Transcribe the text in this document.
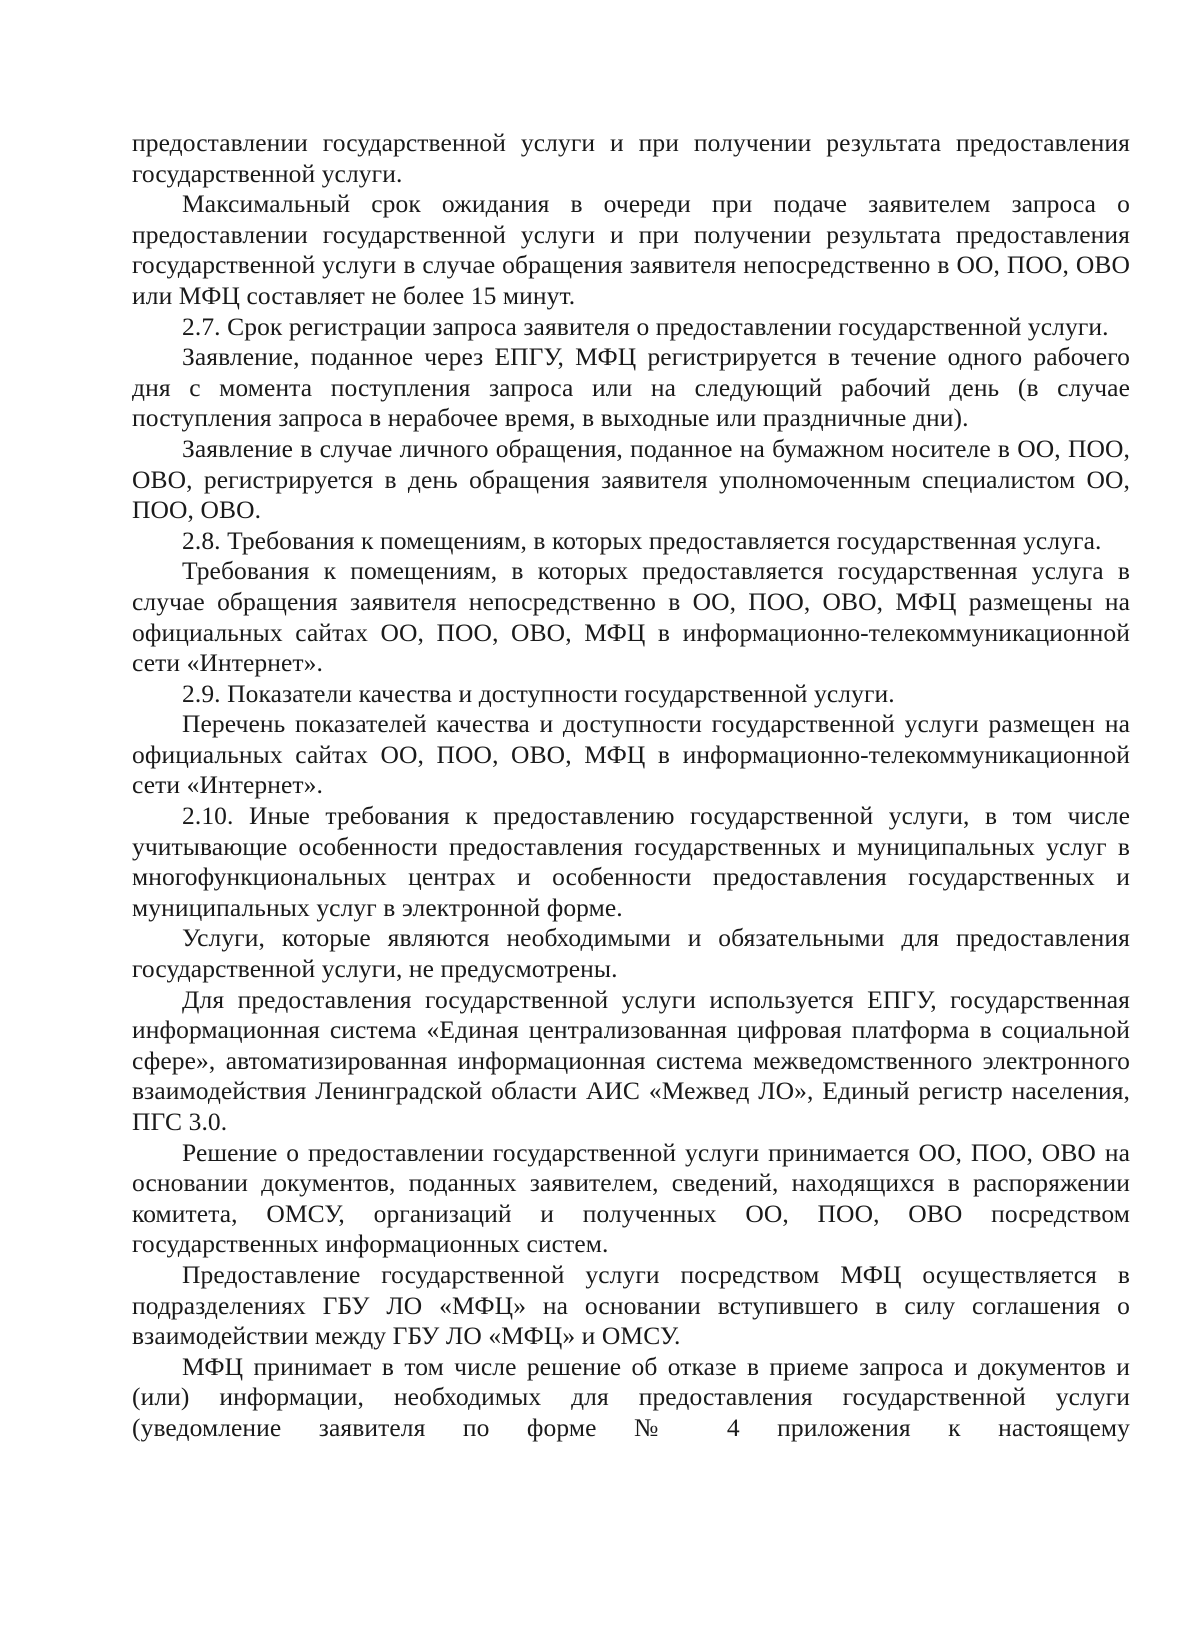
предоставлении государственной услуги и при получении результата предоставления государственной услуги.

Максимальный срок ожидания в очереди при подаче заявителем запроса о предоставлении государственной услуги и при получении результата предоставления государственной услуги в случае обращения заявителя непосредственно в ОО, ПОО, ОВО или МФЦ составляет не более 15 минут.

2.7. Срок регистрации запроса заявителя о предоставлении государственной услуги.

Заявление, поданное через ЕПГУ, МФЦ регистрируется в течение одного рабочего дня с момента поступления запроса или на следующий рабочий день (в случае поступления запроса в нерабочее время, в выходные или праздничные дни).

Заявление в случае личного обращения, поданное на бумажном носителе в ОО, ПОО, ОВО, регистрируется в день обращения заявителя уполномоченным специалистом ОО, ПОО, ОВО.

2.8. Требования к помещениям, в которых предоставляется государственная услуга.

Требования к помещениям, в которых предоставляется государственная услуга в случае обращения заявителя непосредственно в ОО, ПОО, ОВО, МФЦ размещены на официальных сайтах ОО, ПОО, ОВО, МФЦ в информационно-телекоммуникационной сети «Интернет».

2.9. Показатели качества и доступности государственной услуги.

Перечень показателей качества и доступности государственной услуги размещен на официальных сайтах ОО, ПОО, ОВО, МФЦ в информационно-телекоммуникационной сети «Интернет».

2.10. Иные требования к предоставлению государственной услуги, в том числе учитывающие особенности предоставления государственных и муниципальных услуг в многофункциональных центрах и особенности предоставления государственных и муниципальных услуг в электронной форме.

Услуги, которые являются необходимыми и обязательными для предоставления государственной услуги, не предусмотрены.

Для предоставления государственной услуги используется ЕПГУ, государственная информационная система «Единая централизованная цифровая платформа в социальной сфере», автоматизированная информационная система межведомственного электронного взаимодействия Ленинградской области АИС «Межвед ЛО», Единый регистр населения, ПГС 3.0.

Решение о предоставлении государственной услуги принимается ОО, ПОО, ОВО на основании документов, поданных заявителем, сведений, находящихся в распоряжении комитета, ОМСУ, организаций и полученных ОО, ПОО, ОВО посредством государственных информационных систем.

Предоставление государственной услуги посредством МФЦ осуществляется в подразделениях ГБУ ЛО «МФЦ» на основании вступившего в силу соглашения о взаимодействии между ГБУ ЛО «МФЦ» и ОМСУ.

МФЦ принимает в том числе решение об отказе в приеме запроса и документов и (или) информации, необходимых для предоставления государственной услуги (уведомление заявителя по форме № 4 приложения к настоящему
